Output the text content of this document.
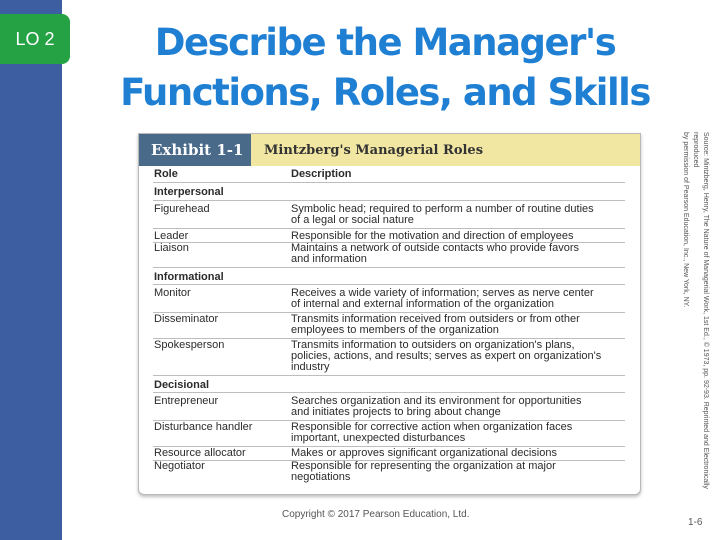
LO 2	Describe the Manager's
Functions, Roles, and Skills
Exhibit 1-1	Mintzberg's Managerial Roles
Role	Description
Interpersonal
Figurehead	Symbolic head; required to perform a number of routine duties
of a legal or social nature
Leader	Responsible for the motivation and direction of employees
Liaison	Maintains a network of outside contacts who provide favors
and information
Informational
Monitor	Receives a wide variety of information; serves as nerve center
of internal and external information of the organization
Disseminator	Transmits information received from outsiders or from other
employees to members of the organization
Spokesperson	Transmits information to outsiders on organization's plans,
policies, actions, and results; serves as expert on organization's
industry
Decisional
Entrepreneur	Searches organization and its environment for opportunities
and initiates projects to bring about change
Disturbance handler	Responsible for corrective action when organization faces
important, unexpected disturbances
Resource allocator	Makes or approves significant organizational decisions
Negotiator	Responsible for representing the organization at major
negotiations	Source: Mintzberg, Henry, The Nature of Managerial Work, 1st Ed., © 1973, pp. 92-93. Reprinted and Electronically reproduced
by permission of Pearson Education, Inc., New York, NY.
Copyright © 2017 Pearson Education, Ltd.
1-6
